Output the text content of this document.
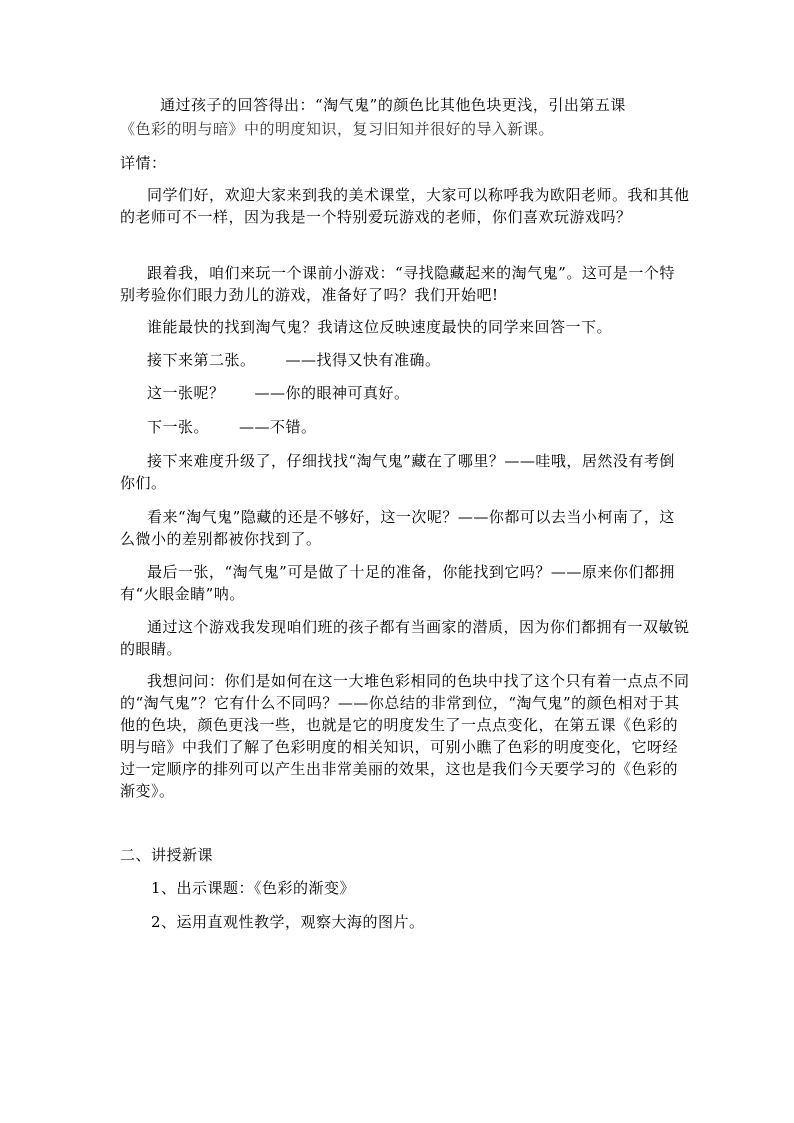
通过孩子的回答得出：“淘气鬼”的颜色比其他色块更浅，引出第五课

《色彩的明与暗》中的明度知识，复习旧知并很好的导入新课。

详情：

同学们好，欢迎大家来到我的美术课堂，大家可以称呼我为欧阳老师。我和其他的老师可不一样，因为我是一个特别爱玩游戏的老师，你们喜欢玩游戏吗？

跟着我，咱们来玩一个课前小游戏：“寻找隐藏起来的淘气鬼”。这可是一个特别考验你们眼力劲儿的游戏，准备好了吗？我们开始吧!

谁能最快的找到淘气鬼？我请这位反映速度最快的同学来回答一下。

接下来第二张。 ——找得又快有准确。

这一张呢？ ——你的眼神可真好。

下一张。 ——不错。

接下来难度升级了，仔细找找“淘气鬼”藏在了哪里？——哇哦，居然没有考倒你们。

看来“淘气鬼”隐藏的还是不够好，这一次呢？——你都可以去当小柯南了，这么微小的差别都被你找到了。

最后一张，“淘气鬼”可是做了十足的准备，你能找到它吗？——原来你们都拥有“火眼金睛”呐。

通过这个游戏我发现咱们班的孩子都有当画家的潜质，因为你们都拥有一双敏锐的眼睛。

我想问问：你们是如何在这一大堆色彩相同的色块中找了这个只有着一点点不同的“淘气鬼”？它有什么不同吗？——你总结的非常到位，“淘气鬼”的颜色相对于其他的色块，颜色更浅一些，也就是它的明度发生了一点点变化，在第五课《色彩的明与暗》中我们了解了色彩明度的相关知识，可别小瞧了色彩的明度变化，它呀经过一定顺序的排列可以产生出非常美丽的效果，这也是我们今天要学习的《色彩的渐变》。

二、讲授新课

1、出示课题：《色彩的渐变》

2、运用直观性教学，观察大海的图片。
